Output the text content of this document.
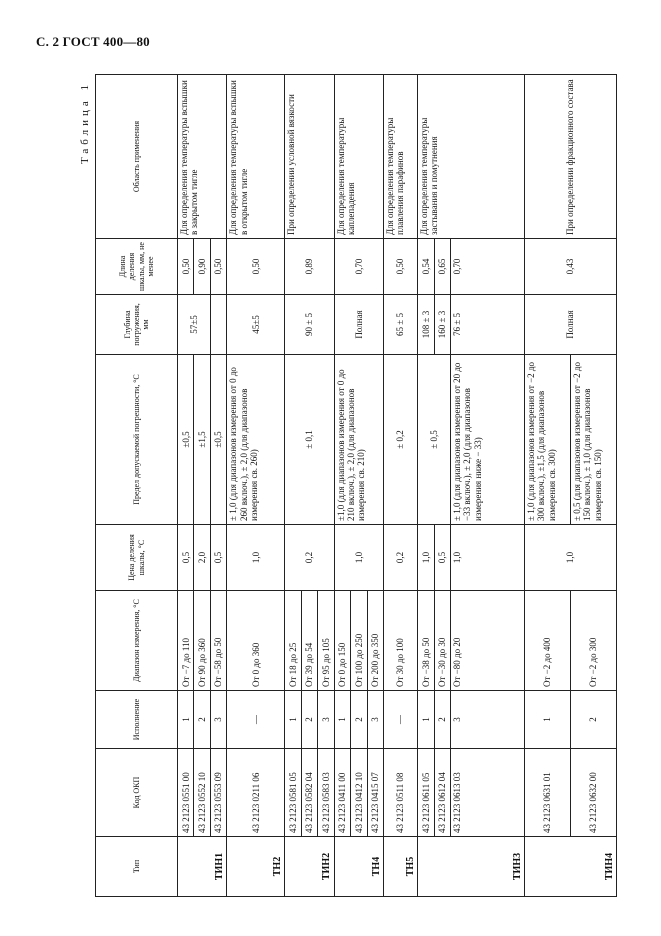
С. 2 ГОСТ 400—80
Таблица 1
Тип	Код ОКП	Исполнение	Диапазон измерения, °С	Цена деления шкалы, °С	Предел допускаемой погрешности, °С	Глубина погружения, мм	Длина деления шкалы, мм, не менее	Область применения
ТИН1	43 2123 0551 00	1	От −7 до 110	0,5	±0,5	57±5	0,50	Для определения температуры вспышки в закрытом тигле
	43 2123 0552 10	2	От 90 до 360	2,0	±1,5		0,90	
	43 2123 0553 09	3	От −58 до 50	0,5	±0,5		0,50	
ТН2	43 2123 0211 06	—	От 0 до 360	1,0	± 1,0 (для диапазонов измерения от 0 до 260 включ.), ± 2,0 (для диапазонов измерения св. 260)	45±5	0,50	Для определения температуры вспышки в открытом тигле
ТИН2	43 2123 0581 05	1	От 18 до 25	0,2	± 0,1	90 ± 5	0,89	При определении условной вязкости
	43 2123 0582 04	2	От 39 до 54					
	43 2123 0583 03	3	От 95 до 105					
ТН4	43 2123 0411 00	1	От 0 до 150	1,0	±1,0 (для диапазонов измерения от 0 до 210 включ.), ± 2,0 (для диапазонов измерения св. 210)	Полная	0,70	Для определения температуры каплепадения
	43 2123 0412 10	2	От 100 до 250					
	43 2123 0415 07	3	От 200 до 350					
ТН5	43 2123 0511 08	—	От 30 до 100	0,2	± 0,2	65 ± 5	0,50	Для определения температуры плавления парафинов
ТИН3	43 2123 0611 05	1	От −38 до 50	1,0	± 0,5	108 ± 3	0,54	Для определения температуры застывания и помутнения
	43 2123 0612 04	2	От −30 до 30	0,5		160 ± 3	0,65	
	43 2123 0613 03	3	От −80 до 20	1,0	± 1,0 (для диапазонов измерения от 20 до −33 включ.), ± 2,0 (для диапазонов измерения ниже − 33)	76 ± 5	0,70	
ТИН4	43 2123 0631 01	1	От −2 до 400	1,0	± 1,0 (для диапазонов измерения от −2 до 300 включ.), ±1,5 (для диапазонов измерения св. 300)	Полная	0,43	При определении фракционного состава
	43 2123 0632 00	2	От −2 до 300		± 0,5 (для диапазонов измерения от −2 до 150 включ.), ± 1,0 (для диапазонов измерения св. 150)			
